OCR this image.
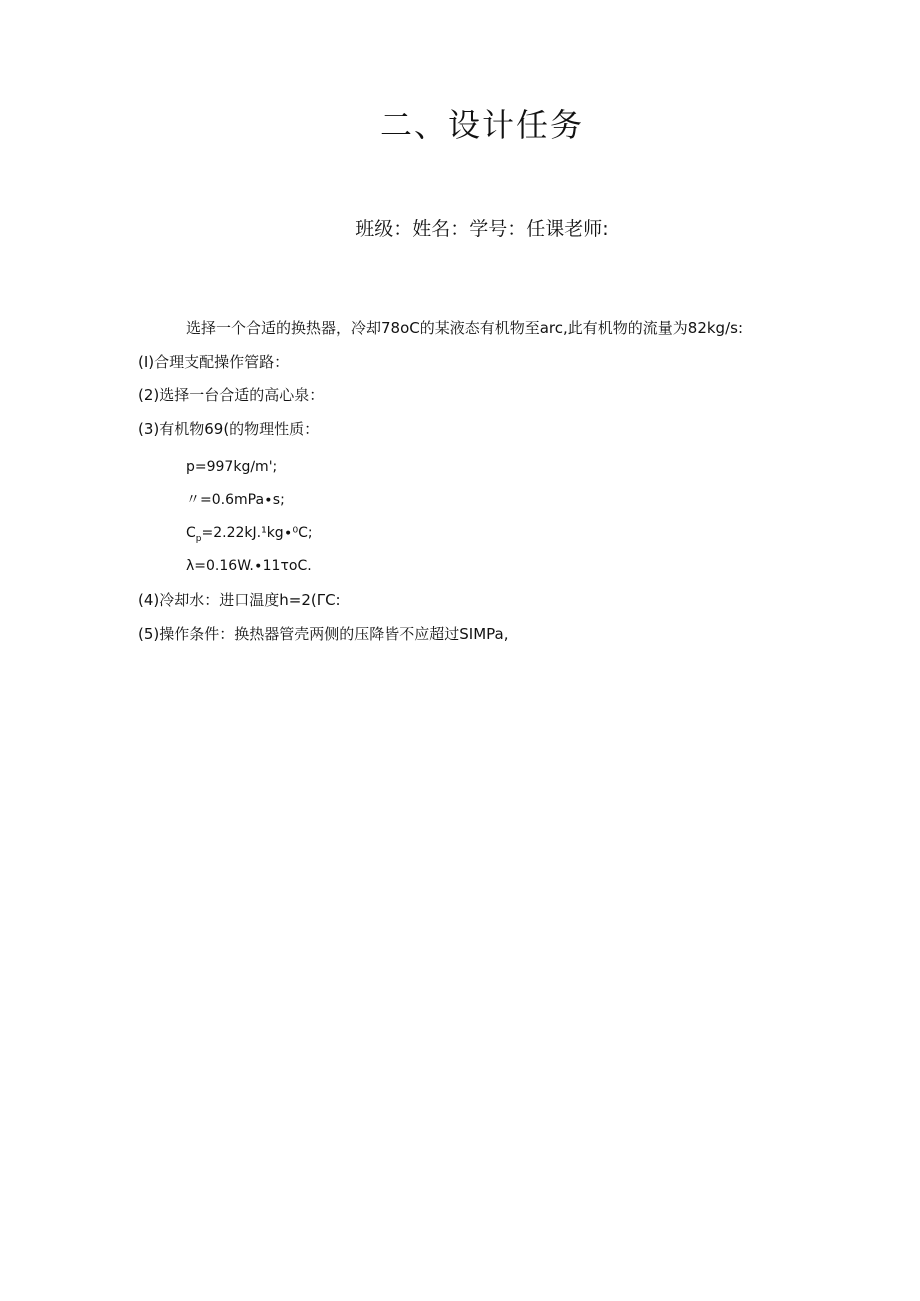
二、设计任务
班级：姓名：学号：任课老师:
选择一个合适的换热器，冷却78oC的某液态有机物至arc,此有机物的流量为82kg∕s:
(I)合理支配操作管路：
(2)选择一台合适的高心泉：
(3)有机物69(的物理性质：
p=997kg∕m';
〃=0.6mPa∙s;
$C_p=2.22kJ.^1kg\cdot^0C$;
λ=0.16W.∙11τoC.
(4)冷却水：进口温度h=2(ΓC:
(5)操作条件：换热器管壳两侧的压降皆不应超过SIMPa,
